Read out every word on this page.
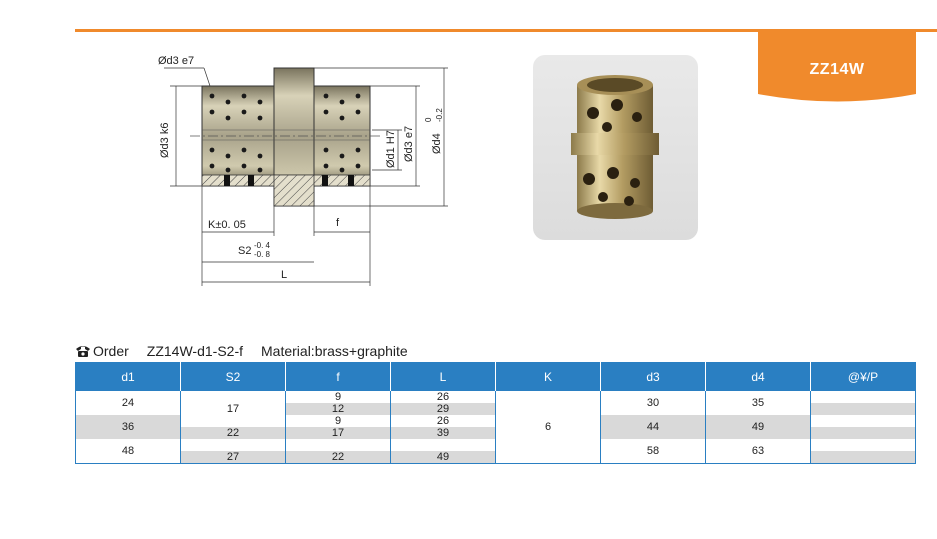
ZZ14W
Ød3 e7
Ød3 k6	Ød1 H7 Ød3 e7 Ød4
0 -0.2
K±0. 05	f
S2 -0. 4
-0. 8
L
Order ZZ14W-d1-S2-f Material:brass+graphite
d1	S2	f	L	K	d3	d4	@¥/P
24	17	9	26	6	30	35	
		12	29				
36		9	26		44	49	
	22	17	39				
48					58	63	
	27	22	49				
